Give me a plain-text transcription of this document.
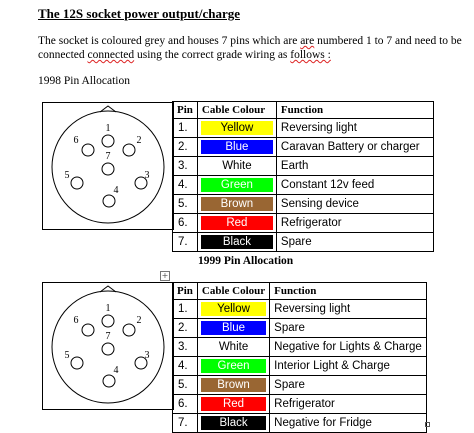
The 12S socket power output/charge
The socket is coloured grey and houses 7 pins which are are numbered 1 to 7 and need to be connected connected using the correct grade wiring as follows :
1998 Pin Allocation
1
2
3
4
5
6
7
Pin	Cable Colour	Function
1.	Yellow	Reversing light
2.	Blue	Caravan Battery or charger
3.	White	Earth
4.	Green	Constant 12v feed
5.	Brown	Sensing device
6.	Red	Refrigerator
7.	Black	Spare
1999 Pin Allocation
+
1
2
3
4
5
6
7
Pin	Cable Colour	Function
1.	Yellow	Reversing light
2.	Blue	Spare
3.	White	Negative for Lights & Charge
4.	Green	Interior Light & Charge
5.	Brown	Spare
6.	Red	Refrigerator
7.	Black	Negative for Fridge
